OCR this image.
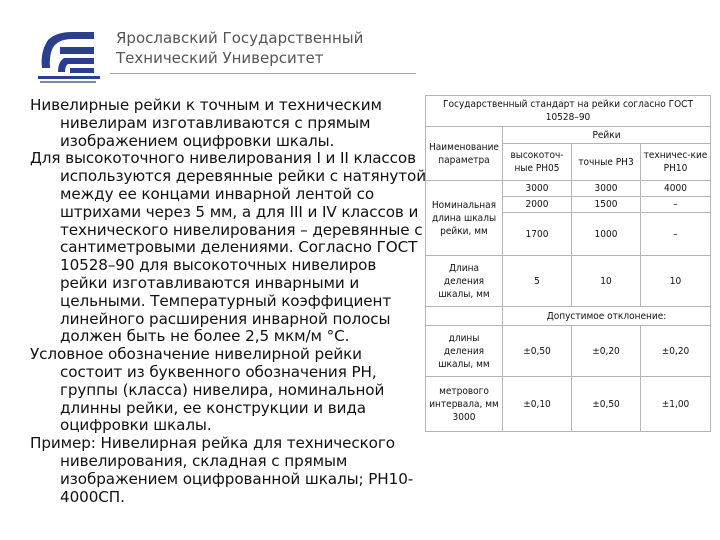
Ярославский Государственный
Технический Университет

Нивелирные рейки к точным и техническим нивелирам изготавливаются с прямым изображением оцифровки шкалы.

Для высокоточного нивелирования I и II классов используются деревянные рейки с натянутой между ее концами инварной лентой со штрихами через 5 мм, а для III и IV классов и технического нивелирования – деревянные с сантиметровыми делениями. Согласно ГОСТ 10528–90 для высокоточных нивелиров рейки изготавливаются инварными и цельными. Температурный коэффициент линейного расширения инварной полосы должен быть не более 2,5 мкм/м °С.

Условное обозначение нивелирной рейки состоит из буквенного обозначения РН, группы (класса) нивелира, номинальной длинны рейки, ее конструкции и вида оцифровки шкалы.

Пример: Нивелирная рейка для технического нивелирования, складная с прямым изображением оцифрованной шкалы; РН10-4000СП.

Государственный стандарт на рейки согласно ГОСТ 10528–90			
Наименование параметра	Рейки		
	высокоточ-ные РН05	точные РН3	техничес-кие РН10
Номинальная длина шкалы рейки, мм	3000	3000	4000
	2000	1500	–
	1700	1000	–
Длина деления шкалы, мм	5	10	10
	Допустимое отклонение:		
длины деления шкалы, мм	±0,50	±0,20	±0,20
метрового интервала, мм 3000	±0,10	±0,50	±1,00
